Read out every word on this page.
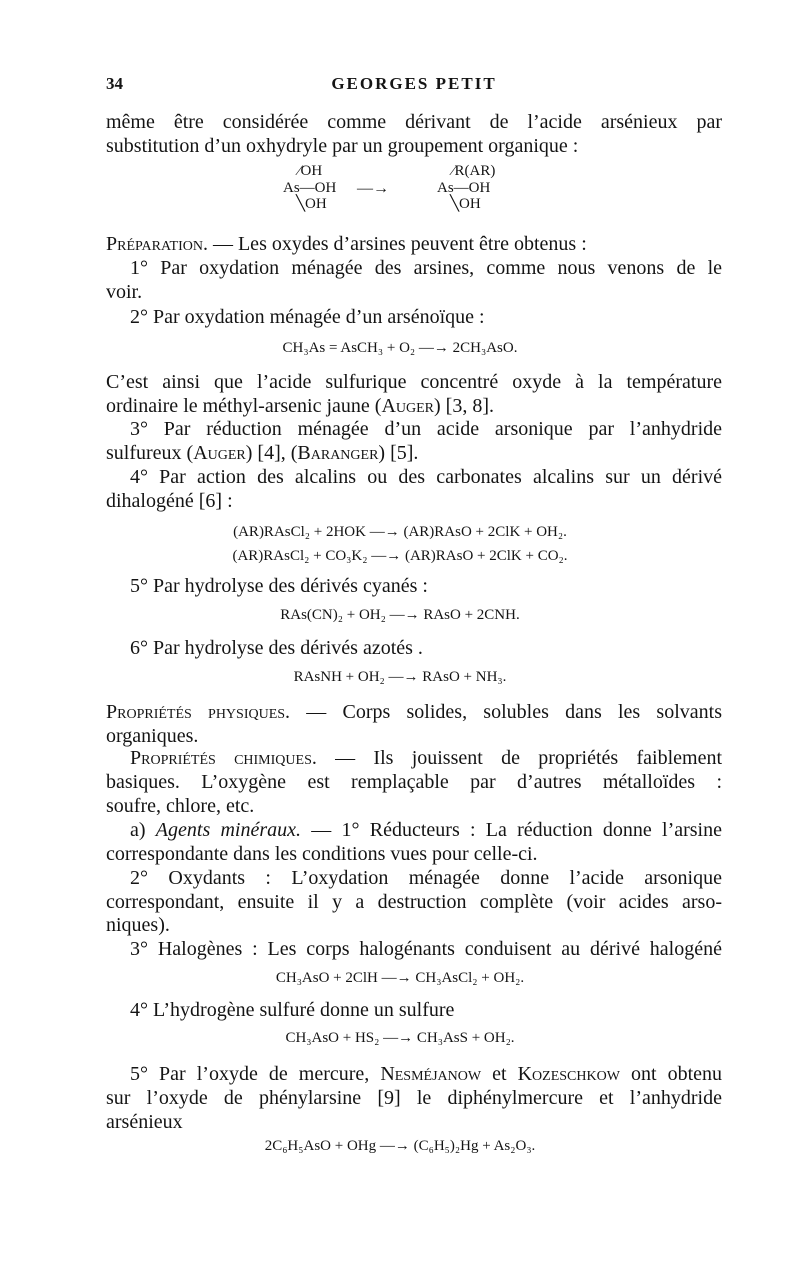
34	GEORGES PETIT
même être considérée comme dérivant de l’acide arsénieux par
substitution d’un oxhydryle par un groupement organique :
⁄OH
As—OH
╲OH
—→
⁄R(AR)
As—OH
╲OH
Préparation. — Les oxydes d’arsines peuvent être obtenus :
1° Par oxydation ménagée des arsines, comme nous venons de le
voir.
2° Par oxydation ménagée d’un arsénoïque :
CH₃As = AsCH₃ + O₂ —→ 2CH₃AsO.
C’est ainsi que l’acide sulfurique concentré oxyde à la température
ordinaire le méthyl-arsenic jaune (Auger) [3, 8].
3° Par réduction ménagée d’un acide arsonique par l’anhydride
sulfureux (Auger) [4], (Baranger) [5].
4° Par action des alcalins ou des carbonates alcalins sur un dérivé
dihalogéné [6] :
(AR)RAsCl₂ + 2HOK —→ (AR)RAsO + 2ClK + OH₂.
(AR)RAsCl₂ + CO₃K₂ —→ (AR)RAsO + 2ClK + CO₂.
5° Par hydrolyse des dérivés cyanés :
RAs(CN)₂ + OH₂ —→ RAsO + 2CNH.
6° Par hydrolyse des dérivés azotés .
RAsNH + OH₂ —→ RAsO + NH₃.
Propriétés physiques. — Corps solides, solubles dans les solvants
organiques.
Propriétés chimiques. — Ils jouissent de propriétés faiblement
basiques. L’oxygène est remplaçable par d’autres métalloïdes :
soufre, chlore, etc.
a) Agents minéraux. — 1° Réducteurs : La réduction donne l’arsine
correspondante dans les conditions vues pour celle-ci.
2° Oxydants : L’oxydation ménagée donne l’acide arsonique
correspondant, ensuite il y a destruction complète (voir acides arso-
niques).
3° Halogènes : Les corps halogénants conduisent au dérivé halogéné
CH₃AsO + 2ClH —→ CH₃AsCl₂ + OH₂.
4° L’hydrogène sulfuré donne un sulfure
CH₃AsO + HS₂ —→ CH₃AsS + OH₂.
5° Par l’oxyde de mercure, Nesméjanow et Kozeschkow ont obtenu
sur l’oxyde de phénylarsine [9] le diphénylmercure et l’anhydride
arsénieux
2C₆H₅AsO + OHg —→ (C₆H₅)₂Hg + As₂O₃.
